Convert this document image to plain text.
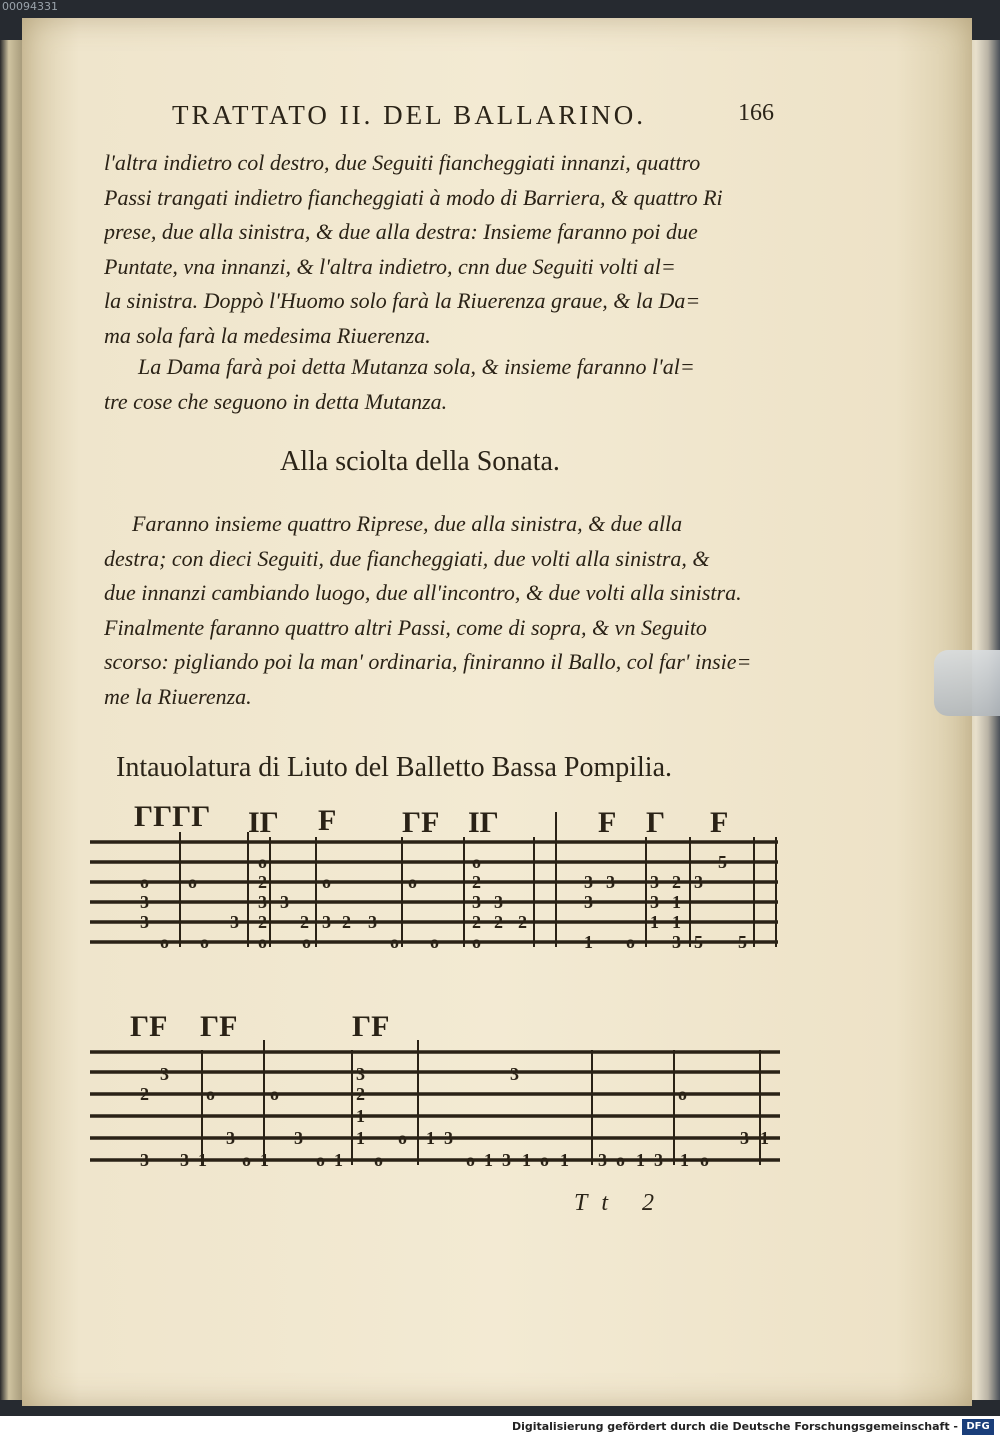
00094331
TRATTATO II. DEL BALLARINO.	166
l'altra indietro col destro, due Seguiti fiancheggiati innanzi, quattro
Passi trangati indietro fiancheggiati à modo di Barriera, & quattro Ri
prese, due alla sinistra, & due alla destra: Insieme faranno poi due
Puntate, vna innanzi, & l'altra indietro, cnn due Seguiti volti al=
la sinistra. Doppò l'Huomo solo farà la Riuerenza graue, & la Da=
ma sola farà la medesima Riuerenza.
La Dama farà poi detta Mutanza sola, & insieme faranno l'al=
tre cose che seguono in detta Mutanza.
Alla sciolta della Sonata.
Faranno insieme quattro Riprese, due alla sinistra, & due alla
destra; con dieci Seguiti, due fiancheggiati, due volti alla sinistra, &
due innanzi cambiando luogo, due all'incontro, & due volti alla sinistra.
Finalmente faranno quattro altri Passi, come di sopra, & vn Seguito
scorso: pigliando poi la man' ordinaria, finiranno il Ballo, col far' insie=
me la Riuerenza.
Intauolatura di Liuto del Balletto Bassa Pompilia.
o o	o	o
o
2
3
2
o
3
3	3
3
2 3 2 3
o
o o	o o
o
2
3 3
2
2 2
o
3 3
3
1 o
3 2 3
3 1
1 1
3 5
5
5
ΓΓΓΓ ΙΓ F ΓF ΙΓ	F Γ F
3
2	o	o
3
2
1
3	3	1 o 1 3
3
o
3 1
3 3 1 o 1	o 1 o	o 1 3 1 o 1 3 o 1 3 1 o
ΓF ΓF	ΓF
Tt 2
Digitalisierung gefördert durch die Deutsche Forschungsgemeinschaft - DFG
